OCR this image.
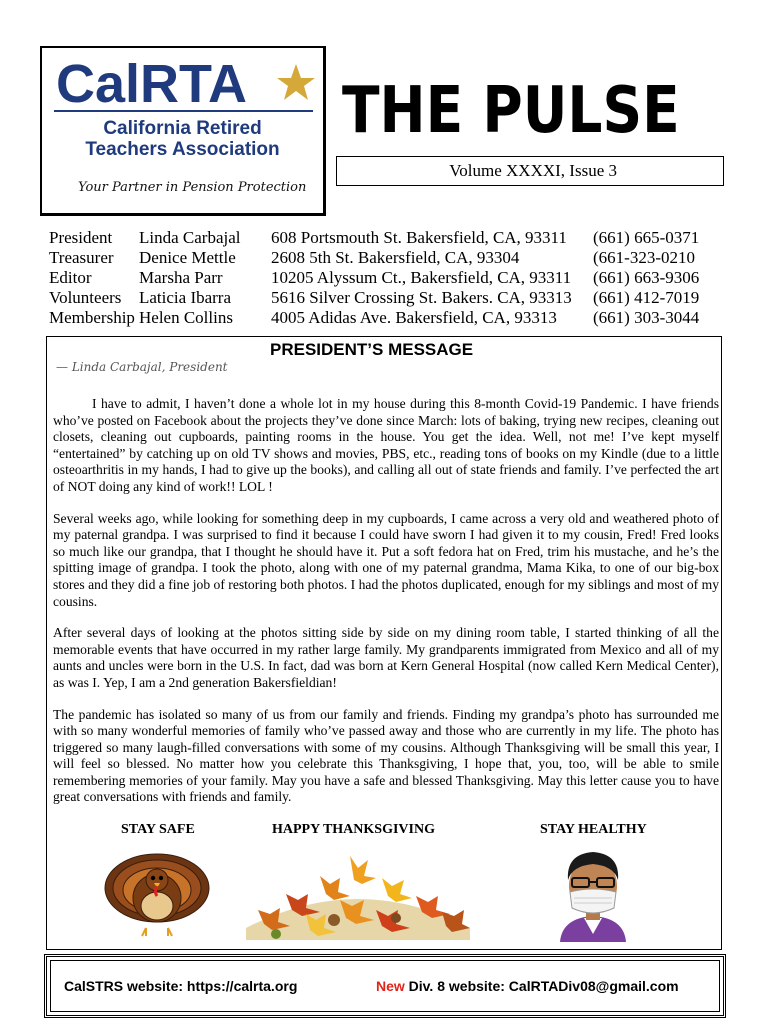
CalRTA
California Retired
Teachers Association
Your Partner in Pension Protection
THE PULSE
Volume XXXXI, Issue 3
President Linda Carbajal 608 Portsmouth St. Bakersfield, CA, 93311 (661) 665-0371
Treasurer Denice Mettle 2608 5th St. Bakersfield, CA, 93304	(661-323-0210
Editor	Marsha Parr	10205 Alyssum Ct., Bakersfield, CA, 93311 (661) 663-9306
Volunteers Laticia Ibarra 5616 Silver Crossing St. Bakers. CA, 93313 (661) 412-7019
Membership Helen Collins 4005 Adidas Ave. Bakersfield, CA, 93313 (661) 303-3044
PRESIDENT’S MESSAGE
— Linda Carbajal, President

I have to admit, I haven’t done a whole lot in my house during this 8-month Covid-19 Pandemic. I have friends who’ve posted on Facebook about the projects they’ve done since March: lots of baking, trying new recipes, cleaning out closets, cleaning out cupboards, painting rooms in the house. You get the idea. Well, not me! I’ve kept myself “entertained” by catching up on old TV shows and movies, PBS, etc., reading tons of books on my Kindle (due to a little osteoarthritis in my hands, I had to give up the books), and calling all out of state friends and family. I’ve perfected the art of NOT doing any kind of work!! LOL !

Several weeks ago, while looking for something deep in my cupboards, I came across a very old and weathered photo of my paternal grandpa. I was surprised to find it because I could have sworn I had given it to my cousin, Fred! Fred looks so much like our grandpa, that I thought he should have it. Put a soft fedora hat on Fred, trim his mustache, and he’s the spitting image of grandpa. I took the photo, along with one of my paternal grandma, Mama Kika, to one of our big-box stores and they did a fine job of restoring both photos. I had the photos duplicated, enough for my siblings and most of my cousins.

After several days of looking at the photos sitting side by side on my dining room table, I started thinking of all the memorable events that have occurred in my rather large family. My grandparents immigrated from Mexico and all of my aunts and uncles were born in the U.S. In fact, dad was born at Kern General Hospital (now called Kern Medical Center), as was I. Yep, I am a 2nd generation Bakersfieldian!

The pandemic has isolated so many of us from our family and friends. Finding my grandpa’s photo has surrounded me with so many wonderful memories of family who’ve passed away and those who are currently in my life. The photo has triggered so many laugh-filled conversations with some of my cousins. Although Thanksgiving will be small this year, I will feel so blessed. No matter how you celebrate this Thanksgiving, I hope that, you, too, will be able to smile remembering memories of your family. May you have a safe and blessed Thanksgiving. May this letter cause you to have great conversations with friends and family.

STAY SAFE	HAPPY THANKSGIVING	STAY HEALTHY
CalSTRS website: https://calrta.org	New Div. 8 website: CalRTADiv08@gmail.com
